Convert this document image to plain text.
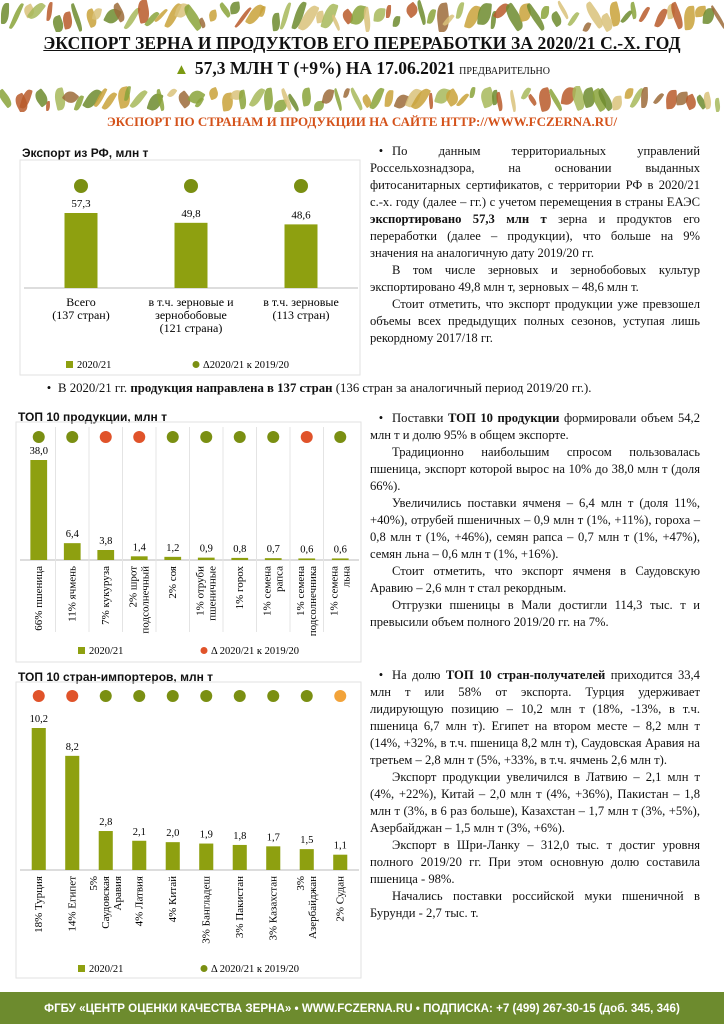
ЭКСПОРТ ЗЕРНА И ПРОДУКТОВ ЕГО ПЕРЕРАБОТКИ ЗА 2020/21 С.-Х. ГОД
▲ 57,3 МЛН Т (+9%) НА 17.06.2021 ПРЕДВАРИТЕЛЬНО
ЭКСПОРТ ПО СТРАНАМ И ПРОДУКЦИИ НА САЙТЕ HTTP://WWW.FCZERNA.RU/
Экспорт из РФ, млн т
57,3
Всего (137 стран)
49,8
в т.ч. зерновые и зернобобовые (121 страна)
48,6
в т.ч. зерновые (113 стран)
2020/21	Δ2020/21 к 2019/20

• По данным территориальных управлений Россельхознадзора, на основании выданных фитосанитарных сертификатов, с территории РФ в 2020/21 с.-х. году (далее – гг.) с учетом перемещения в страны ЕАЭС экспортировано 57,3 млн т зерна и продуктов его переработки (далее – продукции), что больше на 9% значения на аналогичную дату 2019/20 гг.

В том числе зерновых и зернобобовых культур экспортировано 49,8 млн т, зерновых – 48,6 млн т.

Стоит отметить, что экспорт продукции уже превзошел объемы всех предыдущих полных сезонов, уступая лишь рекордному 2017/18 гг.

• В 2020/21 гг. продукция направлена в 137 стран (136 стран за аналогичный период 2019/20 гг.).
ТОП 10 продукции, млн т
38,0
66% пшеница
6,4
11% ячмень
3,8
7% кукуруза
1,4
2% шротподсолнечный
1,2
2% соя
0,9
1% отрубипшеничные
0,8
1% горох
0,7
1% семенарапса
0,6
1% семенаподсолнечника
0,6
1% семенальна
2020/21	Δ 2020/21 к 2019/20

• Поставки ТОП 10 продукции формировали объем 54,2 млн т и долю 95% в общем экспорте.

Традиционно наибольшим спросом пользовалась пшеница, экспорт которой вырос на 10% до 38,0 млн т (доля 66%).

Увеличились поставки ячменя – 6,4 млн т (доля 11%, +40%), отрубей пшеничных – 0,9 млн т (1%, +11%), гороха – 0,8 млн т (1%, +46%), семян рапса – 0,7 млн т (1%, +47%), семян льна – 0,6 млн т (1%, +16%).

Стоит отметить, что экспорт ячменя в Саудовскую Аравию – 2,6 млн т стал рекордным.

Отгрузки пшеницы в Мали достигли 114,3 тыс. т и превысили объем полного 2019/20 гг. на 7%.

ТОП 10 стран-импортеров, млн т
10,2
18% Турция
8,2
14% Египет
2,8
5%СаудовскаяАравия
2,1
4% Латвия
2,0
4% Китай
1,9
3% Бангладеш
1,8
3% Пакистан
1,7
3% Казахстан
1,5
3%Азербайджан
1,1
2% Судан
2020/21	Δ 2020/21 к 2019/20

• На долю ТОП 10 стран-получателей приходится 33,4 млн т или 58% от экспорта. Турция удерживает лидирующую позицию – 10,2 млн т (18%, -13%, в т.ч. пшеница 6,7 млн т). Египет на втором месте – 8,2 млн т (14%, +32%, в т.ч. пшеница 8,2 млн т), Саудовская Аравия на третьем – 2,8 млн т (5%, +33%, в т.ч. ячмень 2,6 млн т).

Экспорт продукции увеличился в Латвию – 2,1 млн т (4%, +22%), Китай – 2,0 млн т (4%, +36%), Пакистан – 1,8 млн т (3%, в 6 раз больше), Казахстан – 1,7 млн т (3%, +5%), Азербайджан – 1,5 млн т (3%, +6%).

Экспорт в Шри-Ланку – 312,0 тыс. т достиг уровня полного 2019/20 гг. При этом основную долю составила пшеница - 98%.

Начались поставки российской муки пшеничной в Бурунди - 2,7 тыс. т.

ФГБУ «ЦЕНТР ОЦЕНКИ КАЧЕСТВА ЗЕРНА» • WWW.FCZERNA.RU • ПОДПИСКА: +7 (499) 267-30-15 (доб. 345, 346)
